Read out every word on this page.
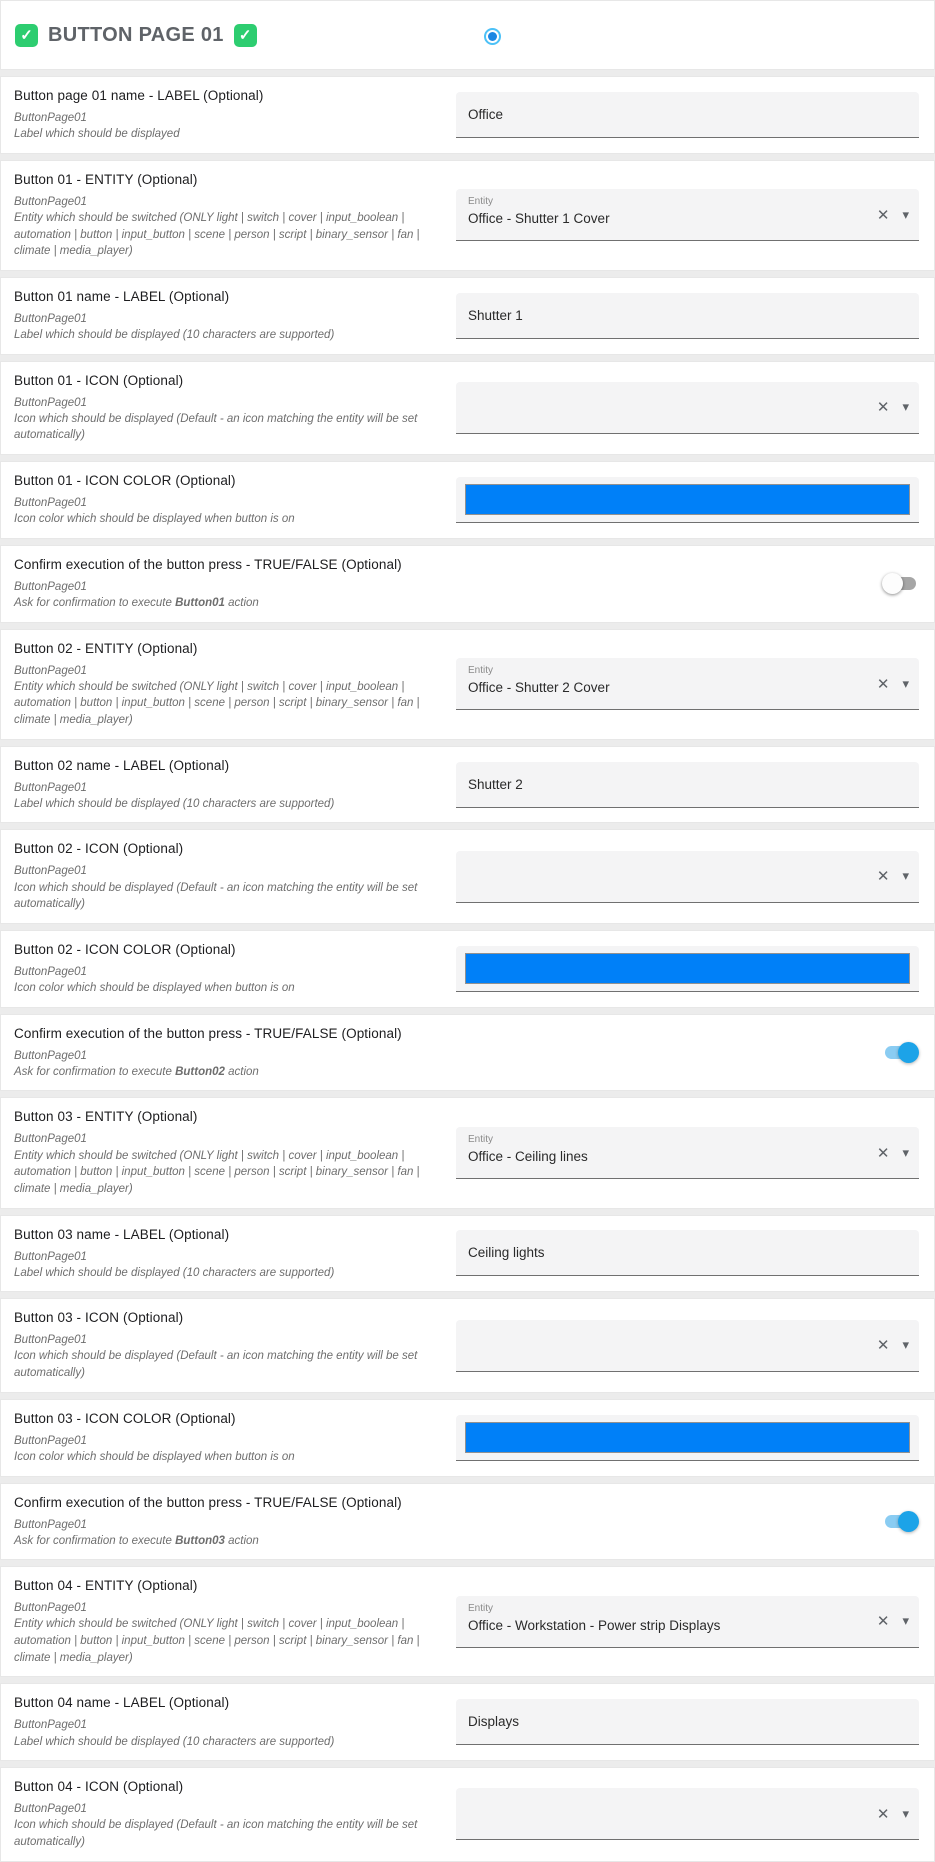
✓ BUTTON PAGE 01	✓
Button page 01 name - LABEL (Optional)
ButtonPage01
Label which should be displayed
Office
Button 01 - ENTITY (Optional)
ButtonPage01
Entity which should be switched (ONLY light | switch | cover | input_boolean | automation | button | input_button | scene | person | script | binary_sensor | fan | climate | media_player)
Entity
Office - Shutter 1 Cover	✕ ▾
Button 01 name - LABEL (Optional)
ButtonPage01
Label which should be displayed (10 characters are supported)
Shutter 1
Button 01 - ICON (Optional)
ButtonPage01
Icon which should be displayed (Default - an icon matching the entity will be set automatically)
✕ ▾
Button 01 - ICON COLOR (Optional)
ButtonPage01
Icon color which should be displayed when button is on
Confirm execution of the button press - TRUE/FALSE (Optional)
ButtonPage01
Ask for confirmation to execute Button01 action
Button 02 - ENTITY (Optional)
ButtonPage01
Entity which should be switched (ONLY light | switch | cover | input_boolean | automation | button | input_button | scene | person | script | binary_sensor | fan | climate | media_player)
Entity
Office - Shutter 2 Cover	✕ ▾
Button 02 name - LABEL (Optional)
ButtonPage01
Label which should be displayed (10 characters are supported)
Shutter 2
Button 02 - ICON (Optional)
ButtonPage01
Icon which should be displayed (Default - an icon matching the entity will be set automatically)
✕ ▾
Button 02 - ICON COLOR (Optional)
ButtonPage01
Icon color which should be displayed when button is on
Confirm execution of the button press - TRUE/FALSE (Optional)
ButtonPage01
Ask for confirmation to execute Button02 action
Button 03 - ENTITY (Optional)
ButtonPage01
Entity which should be switched (ONLY light | switch | cover | input_boolean | automation | button | input_button | scene | person | script | binary_sensor | fan | climate | media_player)
Entity
Office - Ceiling lines	✕ ▾
Button 03 name - LABEL (Optional)
ButtonPage01
Label which should be displayed (10 characters are supported)
Ceiling lights
Button 03 - ICON (Optional)
ButtonPage01
Icon which should be displayed (Default - an icon matching the entity will be set automatically)
✕ ▾
Button 03 - ICON COLOR (Optional)
ButtonPage01
Icon color which should be displayed when button is on
Confirm execution of the button press - TRUE/FALSE (Optional)
ButtonPage01
Ask for confirmation to execute Button03 action
Button 04 - ENTITY (Optional)
ButtonPage01
Entity which should be switched (ONLY light | switch | cover | input_boolean | automation | button | input_button | scene | person | script | binary_sensor | fan | climate | media_player)
Entity
Office - Workstation - Power strip Displays	✕ ▾
Button 04 name - LABEL (Optional)
ButtonPage01
Label which should be displayed (10 characters are supported)
Displays
Button 04 - ICON (Optional)
ButtonPage01
Icon which should be displayed (Default - an icon matching the entity will be set automatically)
✕ ▾
